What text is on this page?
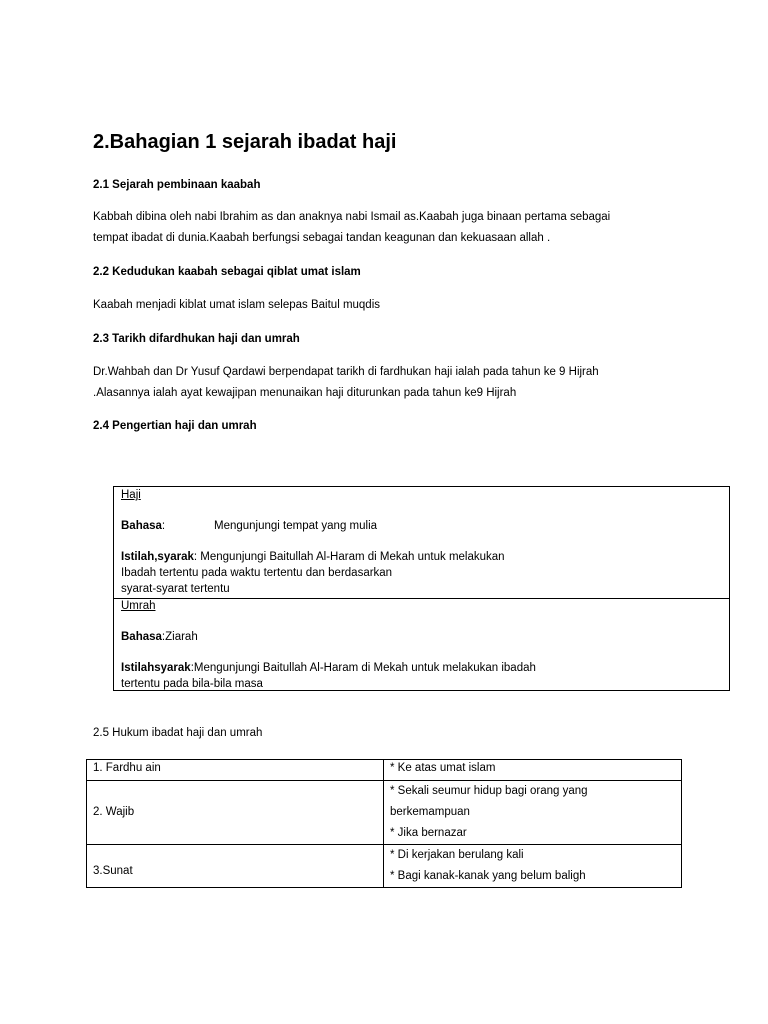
2.Bahagian 1 sejarah ibadat haji
2.1 Sejarah pembinaan kaabah
Kabbah dibina oleh nabi Ibrahim as dan anaknya nabi Ismail as.Kaabah juga binaan pertama sebagai
tempat ibadat di dunia.Kaabah berfungsi sebagai tandan keagunan dan kekuasaan allah .
2.2 Kedudukan kaabah sebagai qiblat umat islam
Kaabah menjadi kiblat umat islam selepas Baitul muqdis
2.3 Tarikh difardhukan haji dan umrah
Dr.Wahbah dan Dr Yusuf Qardawi berpendapat tarikh di fardhukan haji ialah pada tahun ke 9 Hijrah
.Alasannya ialah ayat kewajipan menunaikan haji diturunkan pada tahun ke9 Hijrah
2.4 Pengertian haji dan umrah
Haji
Bahasa:	Mengunjungi tempat yang mulia
Istilah,syarak: Mengunjungi Baitullah Al-Haram di Mekah untuk melakukan
Ibadah tertentu pada waktu tertentu dan berdasarkan
syarat-syarat tertentu
Umrah
Bahasa:Ziarah
Istilahsyarak:Mengunjungi Baitullah Al-Haram di Mekah untuk melakukan ibadah
tertentu pada bila-bila masa
2.5 Hukum ibadat haji dan umrah
1. Fardhu ain	* Ke atas umat islam

2. Wajib	* Sekali seumur hidup bagi orang yang
berkemampuan
* Jika bernazar

3.Sunat	* Di kerjakan berulang kali
* Bagi kanak-kanak yang belum baligh
